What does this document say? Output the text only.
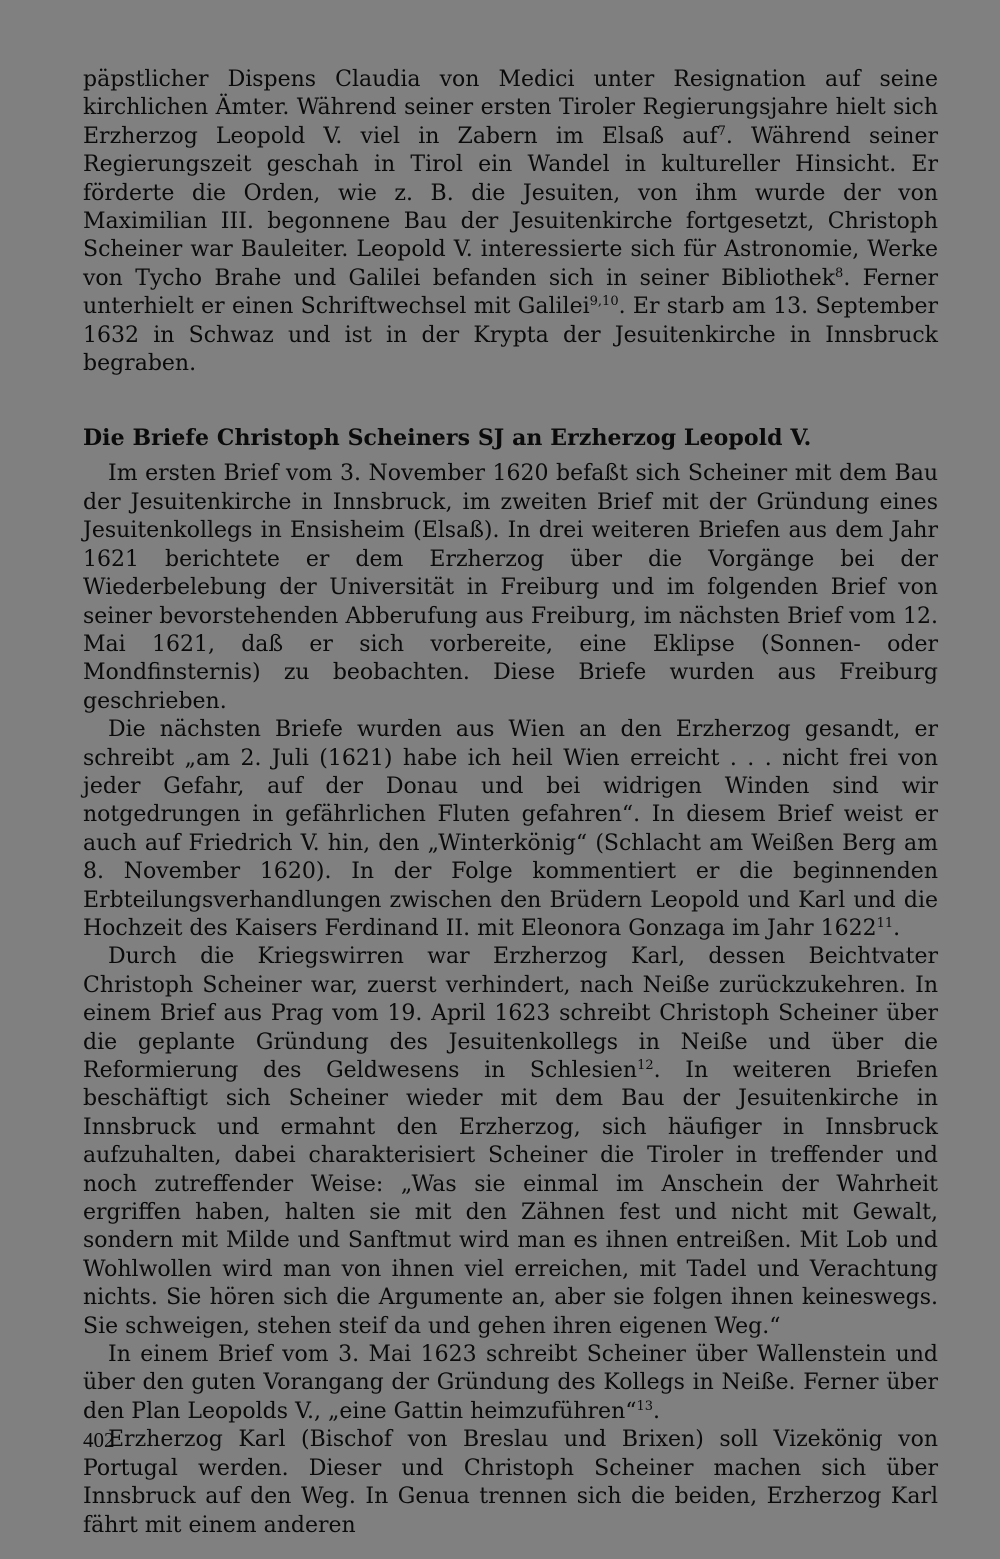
päpstlicher Dispens Claudia von Medici unter Resignation auf seine kirchlichen Ämter. Während seiner ersten Tiroler Regierungsjahre hielt sich Erzherzog Leopold V. viel in Zabern im Elsaß auf$^7$. Während seiner Regierungszeit geschah in Tirol ein Wandel in kultureller Hinsicht. Er förderte die Orden, wie z. B. die Jesuiten, von ihm wurde der von Maximilian III. begonnene Bau der Jesuitenkirche fortgesetzt, Christoph Scheiner war Bauleiter. Leopold V. interessierte sich für Astronomie, Werke von Tycho Brahe und Galilei befanden sich in seiner Bibliothek$^8$. Ferner unterhielt er einen Schriftwechsel mit Galilei$^{9,10}$. Er starb am 13. September 1632 in Schwaz und ist in der Krypta der Jesuitenkirche in Innsbruck begraben.

Die Briefe Christoph Scheiners SJ an Erzherzog Leopold V.

Im ersten Brief vom 3. November 1620 befaßt sich Scheiner mit dem Bau der Jesuitenkirche in Innsbruck, im zweiten Brief mit der Gründung eines Jesuitenkollegs in Ensisheim (Elsaß). In drei weiteren Briefen aus dem Jahr 1621 berichtete er dem Erzherzog über die Vorgänge bei der Wiederbelebung der Universität in Freiburg und im folgenden Brief von seiner bevorstehenden Abberufung aus Freiburg, im nächsten Brief vom 12. Mai 1621, daß er sich vorbereite, eine Eklipse (Sonnen- oder Mondfinsternis) zu beobachten. Diese Briefe wurden aus Freiburg geschrieben.

Die nächsten Briefe wurden aus Wien an den Erzherzog gesandt, er schreibt „am 2. Juli (1621) habe ich heil Wien erreicht . . . nicht frei von jeder Gefahr, auf der Donau und bei widrigen Winden sind wir notgedrungen in gefährlichen Fluten gefahren“. In diesem Brief weist er auch auf Friedrich V. hin, den „Winterkönig“ (Schlacht am Weißen Berg am 8. November 1620). In der Folge kommentiert er die beginnenden Erbteilungsverhandlungen zwischen den Brüdern Leopold und Karl und die Hochzeit des Kaisers Ferdinand II. mit Eleonora Gonzaga im Jahr 1622$^{11}$.

Durch die Kriegswirren war Erzherzog Karl, dessen Beichtvater Christoph Scheiner war, zuerst verhindert, nach Neiße zurückzukehren. In einem Brief aus Prag vom 19. April 1623 schreibt Christoph Scheiner über die geplante Gründung des Jesuitenkollegs in Neiße und über die Reformierung des Geldwesens in Schlesien$^{12}$. In weiteren Briefen beschäftigt sich Scheiner wieder mit dem Bau der Jesuitenkirche in Innsbruck und ermahnt den Erzherzog, sich häufiger in Innsbruck aufzuhalten, dabei charakterisiert Scheiner die Tiroler in treffender und noch zutreffender Weise: „Was sie einmal im Anschein der Wahrheit ergriffen haben, halten sie mit den Zähnen fest und nicht mit Gewalt, sondern mit Milde und Sanftmut wird man es ihnen entreißen. Mit Lob und Wohlwollen wird man von ihnen viel erreichen, mit Tadel und Verachtung nichts. Sie hören sich die Argumente an, aber sie folgen ihnen keineswegs. Sie schweigen, stehen steif da und gehen ihren eigenen Weg.“

In einem Brief vom 3. Mai 1623 schreibt Scheiner über Wallenstein und über den guten Vorangang der Gründung des Kollegs in Neiße. Ferner über den Plan Leopolds V., „eine Gattin heimzuführen“$^{13}$.

Erzherzog Karl (Bischof von Breslau und Brixen) soll Vizekönig von Portugal werden. Dieser und Christoph Scheiner machen sich über Innsbruck auf den Weg. In Genua trennen sich die beiden, Erzherzog Karl fährt mit einem anderen

402
